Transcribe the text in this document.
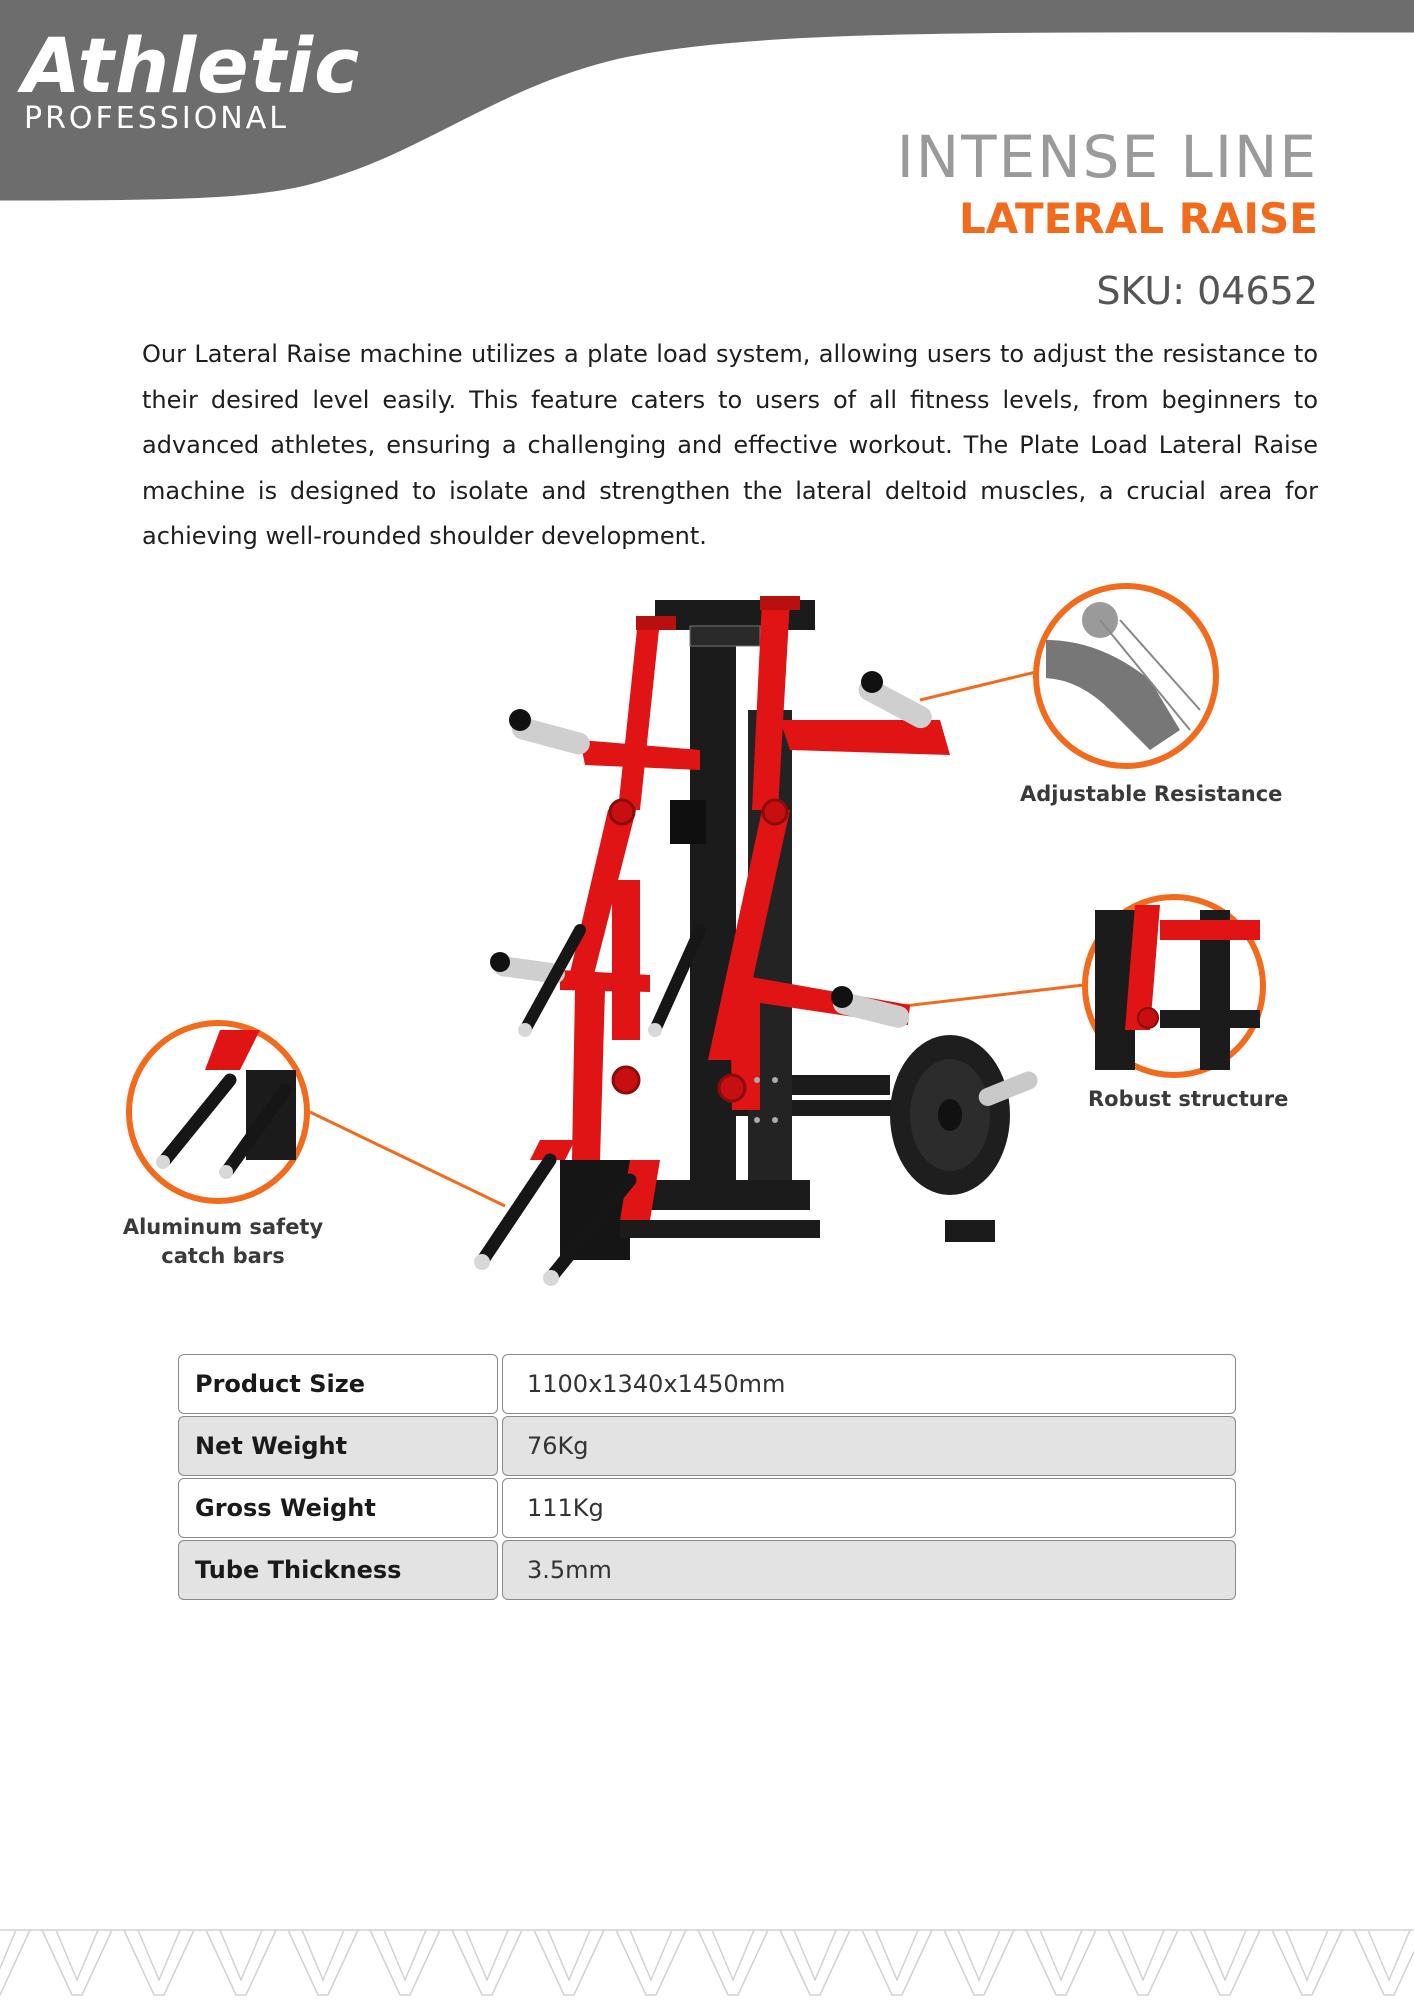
Athletic
PROFESSIONAL
INTENSE LINE
LATERAL RAISE
SKU: 04652

Our Lateral Raise machine utilizes a plate load system, allowing users to adjust the resistance to their desired level easily. This feature caters to users of all fitness levels, from beginners to advanced athletes, ensuring a challenging and effective workout. The Plate Load Lateral Raise machine is designed to isolate and strengthen the lateral deltoid muscles, a crucial area for achieving well-rounded shoulder development.

Adjustable Resistance
Robust structure
Aluminum safety
catch bars
Product Size	1100x1340x1450mm
Net Weight	76Kg
Gross Weight	111Kg
Tube Thickness	3.5mm
